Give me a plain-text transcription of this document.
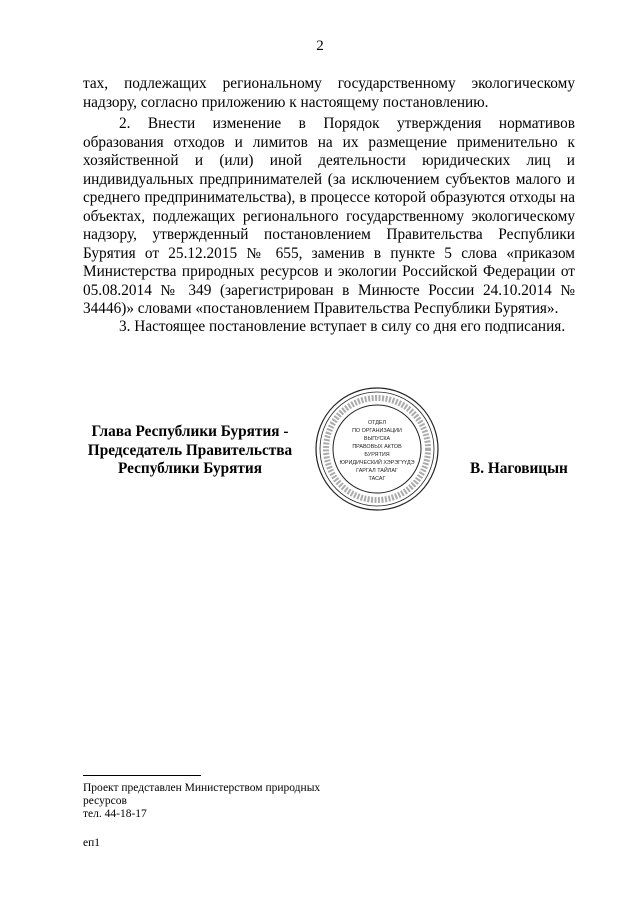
2
тах, подлежащих региональному государственному экологическому надзору, согласно приложению к настоящему постановлению.
2. Внести изменение в Порядок утверждения нормативов образования отходов и лимитов на их размещение применительно к хозяйственной и (или) иной деятельности юридических лиц и индивидуальных предпринимателей (за исключением субъектов малого и среднего предпринимательства), в процессе которой образуются отходы на объектах, подлежащих регионального государственному экологическому надзору, утвержденный постановлением Правительства Республики Бурятия от 25.12.2015 № 655, заменив в пункте 5 слова «приказом Министерства природных ресурсов и экологии Российской Федерации от 05.08.2014 № 349 (зарегистрирован в Минюсте России 24.10.2014 № 34446)» словами «постановлением Правительства Республики Бурятия».
3. Настоящее постановление вступает в силу со дня его подписания.
Глава Республики Бурятия -
Председатель Правительства
Республики Бурятия
ОТДЕЛ
ПО ОРГАНИЗАЦИИ
ВЫПУСКА
ПРАВОВЫХ АКТОВ
БУРЯТИЯ
ЮРИДИЧЕСКИЙ ХЭРЭГҮҮДЭ
ГАРГАЛ ТАЙЛАГ
ТАСАГ
В. Наговицын
Проект представлен Министерством природных
ресурсов
тел. 44-18-17
еп1
